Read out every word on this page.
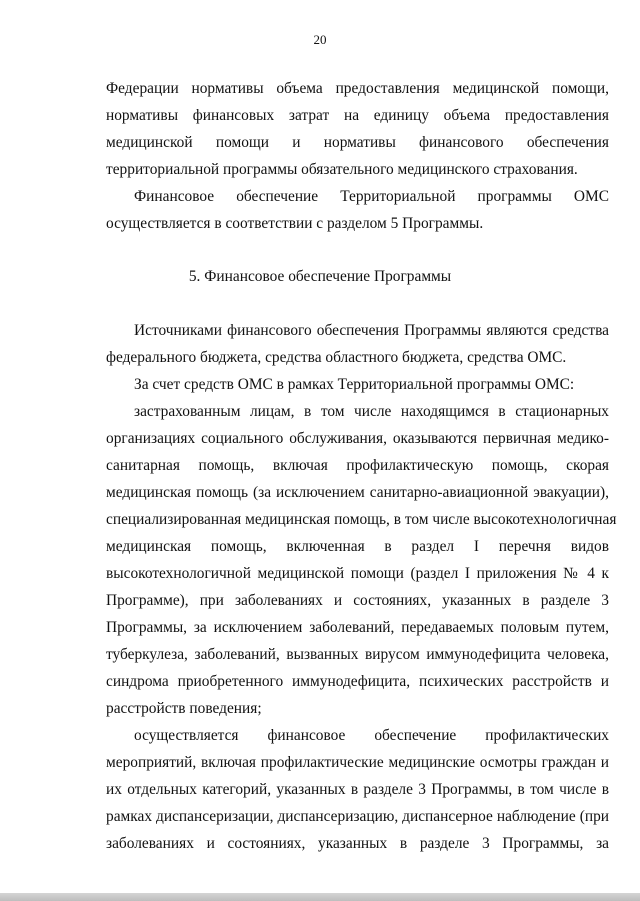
20
Федерации нормативы объема предоставления медицинской помощи,
нормативы финансовых затрат на единицу объема предоставления
медицинской помощи и нормативы финансового обеспечения
территориальной программы обязательного медицинского страхования.
Финансовое обеспечение Территориальной программы ОМС
осуществляется в соответствии с разделом 5 Программы.
5. Финансовое обеспечение Программы
Источниками финансового обеспечения Программы являются средства
федерального бюджета, средства областного бюджета, средства ОМС.
За счет средств ОМС в рамках Территориальной программы ОМС:
застрахованным лицам, в том числе находящимся в стационарных
организациях социального обслуживания, оказываются первичная медико-
санитарная помощь, включая профилактическую помощь, скорая
медицинская помощь (за исключением санитарно-авиационной эвакуации),
специализированная медицинская помощь, в том числе высокотехнологичная
медицинская помощь, включенная в раздел I перечня видов
высокотехнологичной медицинской помощи (раздел I приложения № 4 к
Программе), при заболеваниях и состояниях, указанных в разделе 3
Программы, за исключением заболеваний, передаваемых половым путем,
туберкулеза, заболеваний, вызванных вирусом иммунодефицита человека,
синдрома приобретенного иммунодефицита, психических расстройств и
расстройств поведения;
осуществляется финансовое обеспечение профилактических
мероприятий, включая профилактические медицинские осмотры граждан и
их отдельных категорий, указанных в разделе 3 Программы, в том числе в
рамках диспансеризации, диспансеризацию, диспансерное наблюдение (при
заболеваниях и состояниях, указанных в разделе 3 Программы, за
